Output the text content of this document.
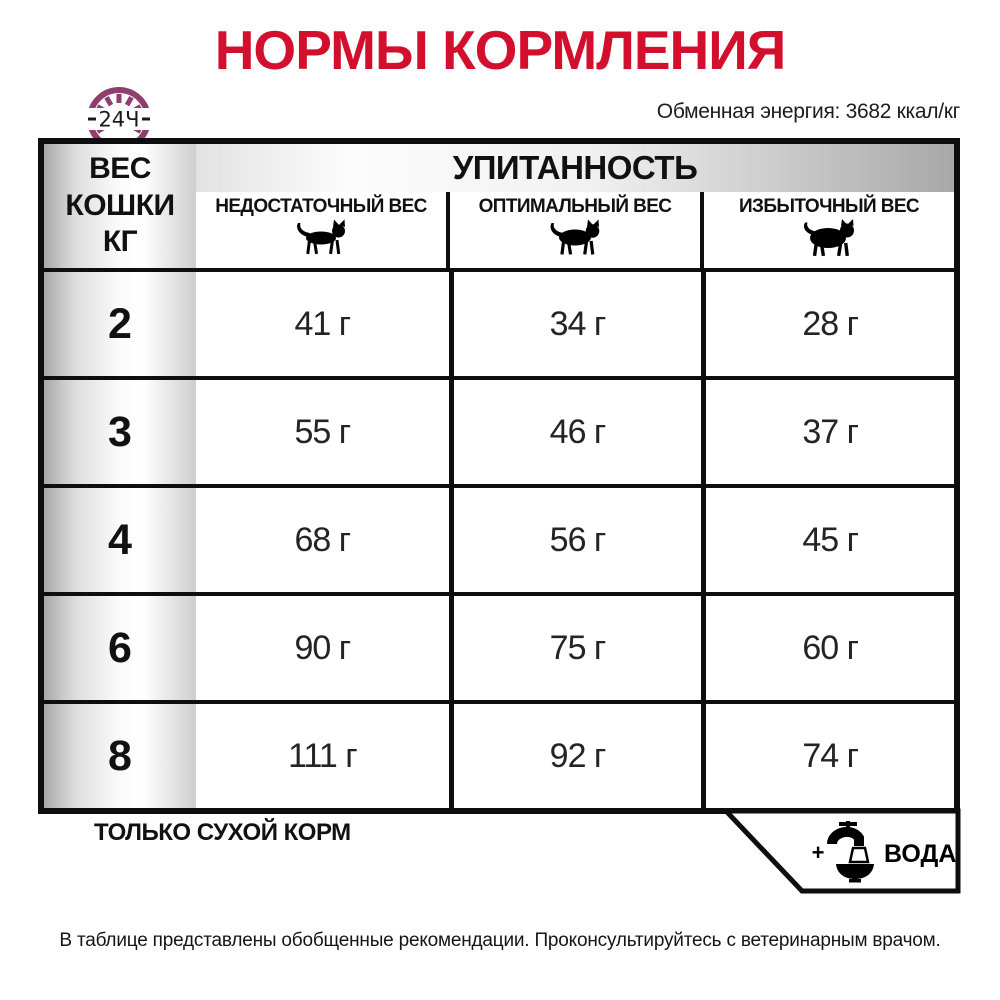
НОРМЫ КОРМЛЕНИЯ
Обменная энергия: 3682 ккал/кг
24Ч
ВЕС
КОШКИ
КГ
УПИТАННОСТЬ
НЕДОСТАТОЧНЫЙ ВЕС	ОПТИМАЛЬНЫЙ ВЕС	ИЗБЫТОЧНЫЙ ВЕС
2	41 г	34 г	28 г
3	55 г	46 г	37 г
4	68 г	56 г	45 г
6	90 г	75 г	60 г
8	111 г	92 г	74 г
ТОЛЬКО СУХОЙ КОРМ
+ ВОДА
В таблице представлены обобщенные рекомендации. Проконсультируйтесь с ветеринарным врачом.
